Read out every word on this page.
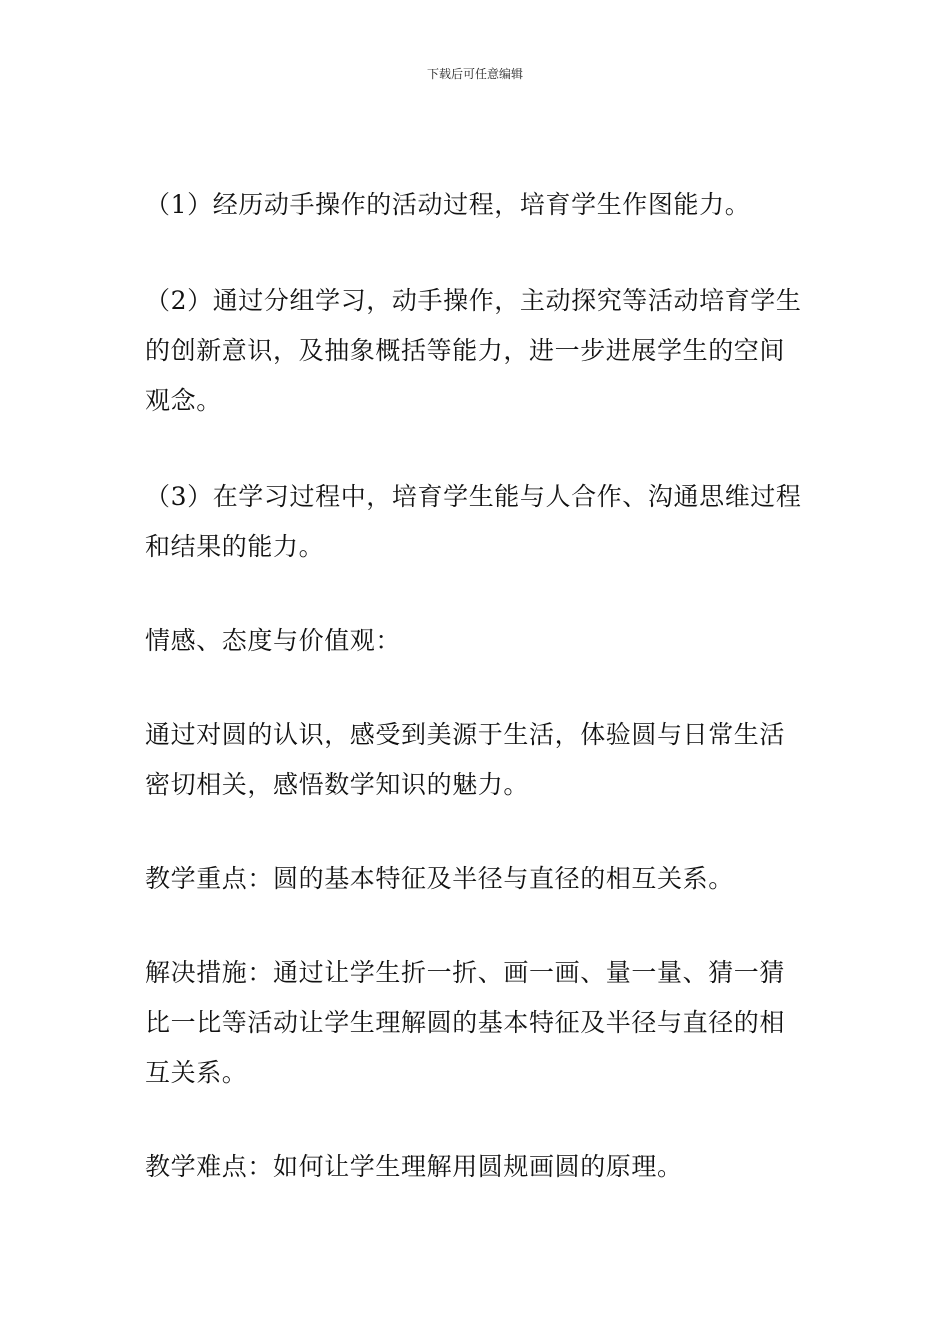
下载后可任意编辑

（1）经历动手操作的活动过程，培育学生作图能力。

（2）通过分组学习，动手操作，主动探究等活动培育学生的创新意识，及抽象概括等能力，进一步进展学生的空间观念。

（3）在学习过程中，培育学生能与人合作、沟通思维过程和结果的能力。

情感、态度与价值观：

通过对圆的认识，感受到美源于生活，体验圆与日常生活密切相关，感悟数学知识的魅力。

教学重点：圆的基本特征及半径与直径的相互关系。

解决措施：通过让学生折一折、画一画、量一量、猜一猜比一比等活动让学生理解圆的基本特征及半径与直径的相互关系。

教学难点：如何让学生理解用圆规画圆的原理。
